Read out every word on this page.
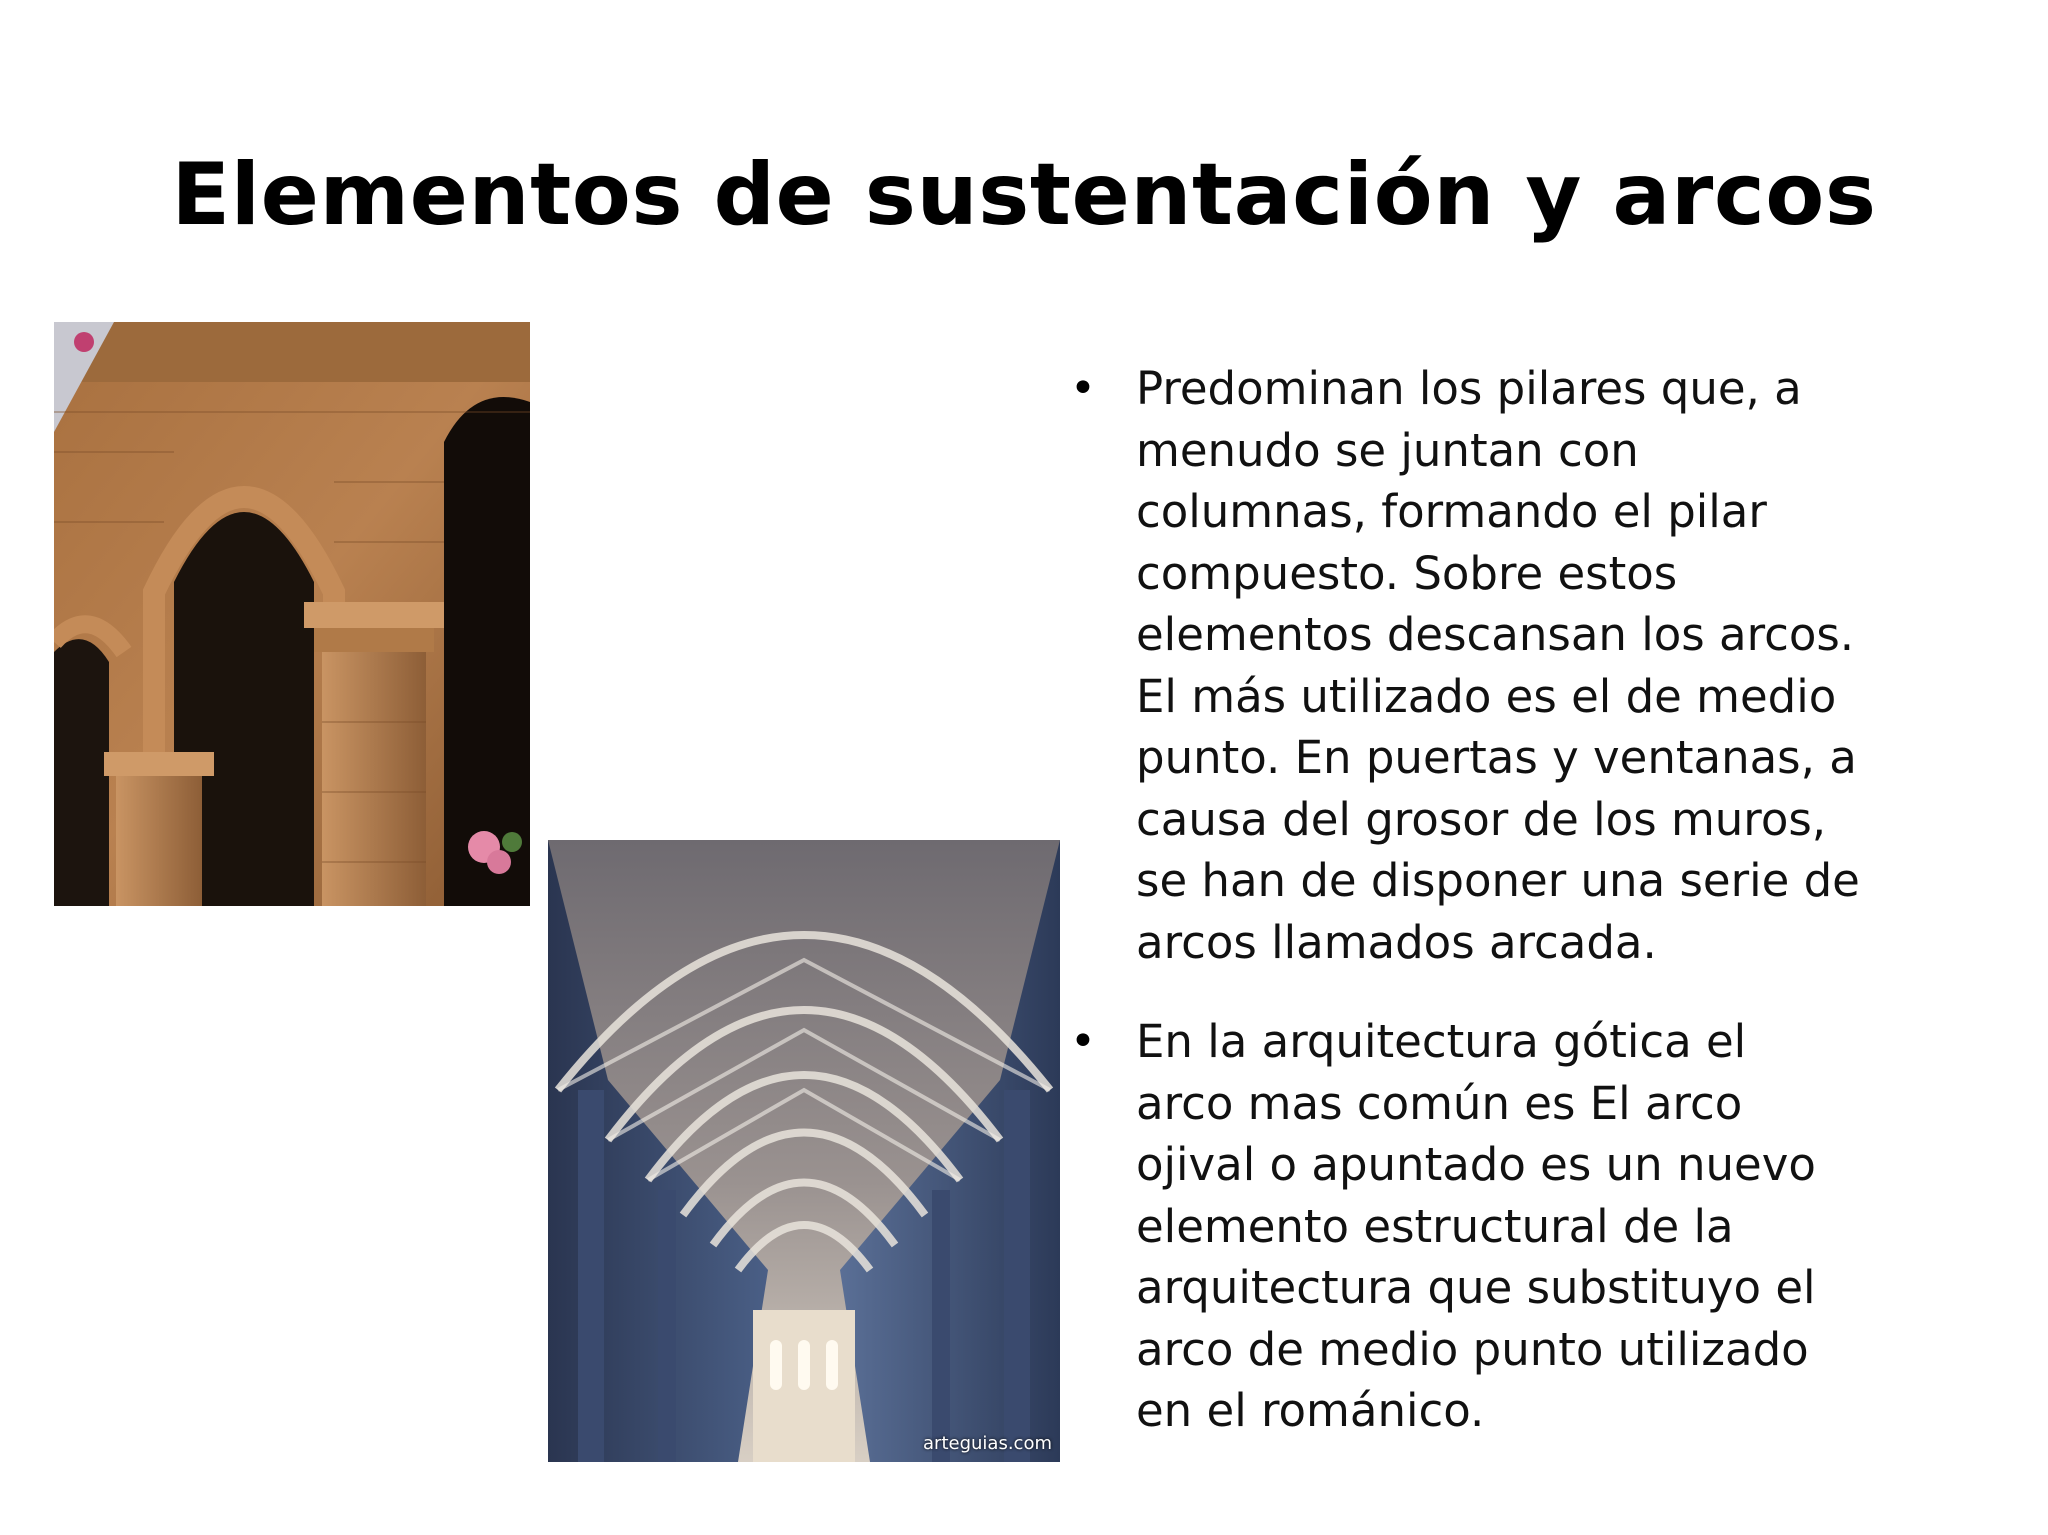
Elementos de sustentación y arcos
arteguias.com
• Predominan los pilares que, a
menudo se juntan con
columnas, formando el pilar
compuesto. Sobre estos
elementos descansan los arcos.
El más utilizado es el de medio
punto. En puertas y ventanas, a
causa del grosor de los muros,
se han de disponer una serie de
arcos llamados arcada.
• En la arquitectura gótica el
arco mas común es El arco
ojival o apuntado es un nuevo
elemento estructural de la
arquitectura que substituyo el
arco de medio punto utilizado
en el románico.
